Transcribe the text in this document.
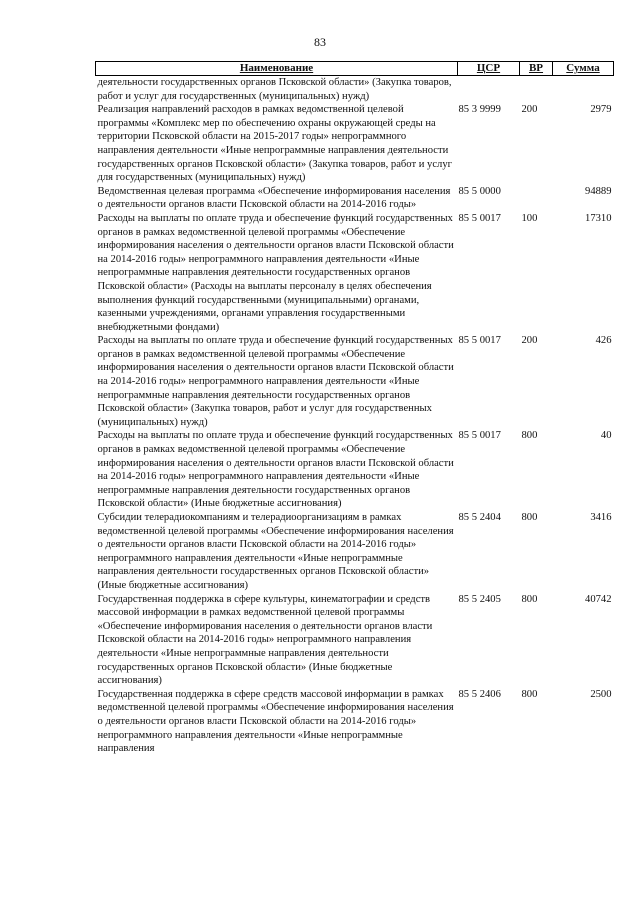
83
Наименование	ЦСР	ВР	Сумма
деятельности государственных органов Псковской области» (Закупка товаров, работ и услуг для государственных (муниципальных) нужд)			
Реализация направлений расходов в рамках ведомственной целевой программы «Комплекс мер по обеспечению охраны окружающей среды на территории Псковской области на 2015-2017 годы» непрограммного направления деятельности «Иные непрограммные направления деятельности государственных органов Псковской области» (Закупка товаров, работ и услуг для государственных (муниципальных) нужд)	85 3 9999	200	2979
Ведомственная целевая программа «Обеспечение информирования населения о деятельности органов власти Псковской области на 2014-2016 годы»	85 5 0000		94889
Расходы на выплаты по оплате труда и обеспечение функций государственных органов в рамках ведомственной целевой программы «Обеспечение информирования населения о деятельности органов власти Псковской области на 2014-2016 годы» непрограммного направления деятельности «Иные непрограммные направления деятельности государственных органов Псковской области» (Расходы на выплаты персоналу в целях обеспечения выполнения функций государственными (муниципальными) органами, казенными учреждениями, органами управления государственными внебюджетными фондами)	85 5 0017	100	17310
Расходы на выплаты по оплате труда и обеспечение функций государственных органов в рамках ведомственной целевой программы «Обеспечение информирования населения о деятельности органов власти Псковской области на 2014-2016 годы» непрограммного направления деятельности «Иные непрограммные направления деятельности государственных органов Псковской области» (Закупка товаров, работ и услуг для государственных (муниципальных) нужд)	85 5 0017	200	426
Расходы на выплаты по оплате труда и обеспечение функций государственных органов в рамках ведомственной целевой программы «Обеспечение информирования населения о деятельности органов власти Псковской области на 2014-2016 годы» непрограммного направления деятельности «Иные непрограммные направления деятельности государственных органов Псковской области» (Иные бюджетные ассигнования)	85 5 0017	800	40
Субсидии телерадиокомпаниям и телерадиоорганизациям в рамках ведомственной целевой программы «Обеспечение информирования населения о деятельности органов власти Псковской области на 2014-2016 годы» непрограммного направления деятельности «Иные непрограммные направления деятельности государственных органов Псковской области» (Иные бюджетные ассигнования)	85 5 2404	800	3416
Государственная поддержка в сфере культуры, кинематографии и средств массовой информации в рамках ведомственной целевой программы «Обеспечение информирования населения о деятельности органов власти Псковской области на 2014-2016 годы» непрограммного направления деятельности «Иные непрограммные направления деятельности государственных органов Псковской области» (Иные бюджетные ассигнования)	85 5 2405	800	40742
Государственная поддержка в сфере средств массовой информации в рамках ведомственной целевой программы «Обеспечение информирования населения о деятельности органов власти Псковской области на 2014-2016 годы» непрограммного направления деятельности «Иные непрограммные направления	85 5 2406	800	2500
